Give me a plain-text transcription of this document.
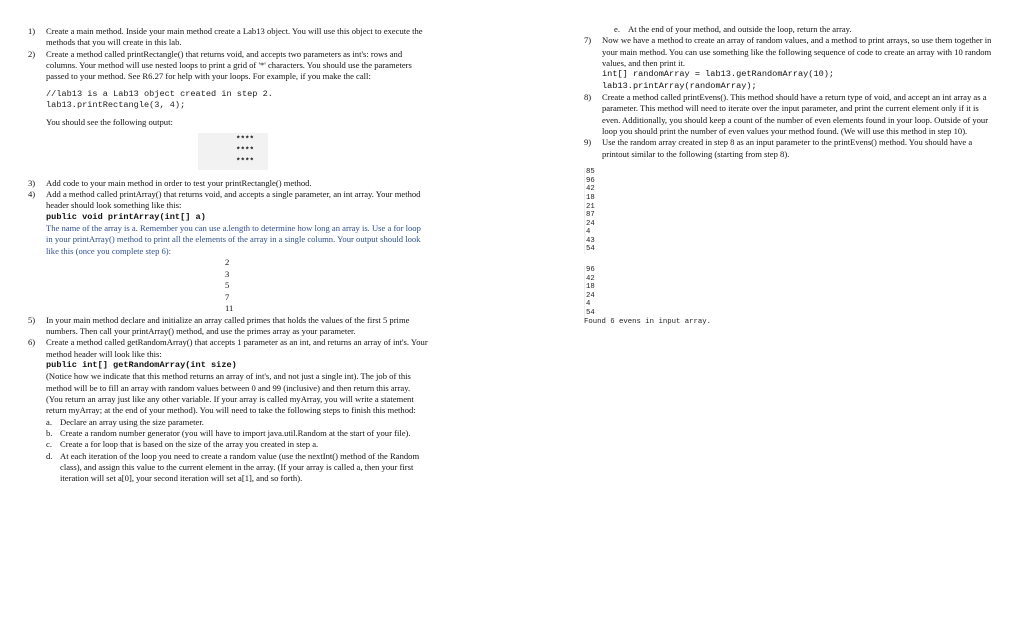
1)	Create a main method. Inside your main method create a Lab13 object. You will use this object to execute the methods that you will create in this lab.
2)	Create a method called printRectangle() that returns void, and accepts two parameters as int's: rows and columns. Your method will use nested loops to print a grid of '*' characters. You should use the parameters passed to your method. See R6.27 for help with your loops. For example, if you make the call:
//lab13 is a Lab13 object created in step 2.
lab13.printRectangle(3, 4);
You should see the following output:
****
****
****
3)	Add code to your main method in order to test your printRectangle() method.
4)	Add a method called printArray() that returns void, and accepts a single parameter, an int array. Your method header should look something like this:
public void printArray(int[] a)
The name of the array is a. Remember you can use a.length to determine how long an array is. Use a for loop in your printArray() method to print all the elements of the array in a single column. Your output should look like this (once you complete step 6):
2
3
5
7
11
5)	In your main method declare and initialize an array called primes that holds the values of the first 5 prime numbers. Then call your printArray() method, and use the primes array as your parameter.
6)	Create a method called getRandomArray() that accepts 1 parameter as an int, and returns an array of int's. Your method header will look like this:
public int[] getRandomArray(int size)
(Notice how we indicate that this method returns an array of int's, and not just a single int). The job of this method will be to fill an array with random values between 0 and 99 (inclusive) and then return this array. (You return an array just like any other variable. If your array is called myArray, you will write a statement return myArray; at the end of your method). You will need to take the following steps to finish this method:
a. Declare an array using the size parameter.
b. Create a random number generator (you will have to import java.util.Random at the start of your file).
c. Create a for loop that is based on the size of the array you created in step a.
d. At each iteration of the loop you need to create a random value (use the nextInt() method of the Random class), and assign this value to the current element in the array. (If your array is called a, then your first iteration will set a[0], your second iteration will set a[1], and so forth).
e. At the end of your method, and outside the loop, return the array.
7)	Now we have a method to create an array of random values, and a method to print arrays, so use them together in your main method. You can use something like the following sequence of code to create an array with 10 random values, and then print it.
int[] randomArray = lab13.getRandomArray(10);
lab13.printArray(randomArray);
8)	Create a method called printEvens(). This method should have a return type of void, and accept an int array as a parameter. This method will need to iterate over the input parameter, and print the current element only if it is even. Additionally, you should keep a count of the number of even elements found in your loop. Outside of your loop you should print the number of even values your method found. (We will use this method in step 10).
9)	Use the random array created in step 8 as an input parameter to the printEvens() method. You should have a printout similar to the following (starting from step 8).
85
96
42
18
21
87
24
4
43
54
96
42
18
24
4
54
Found 6 evens in input array.
